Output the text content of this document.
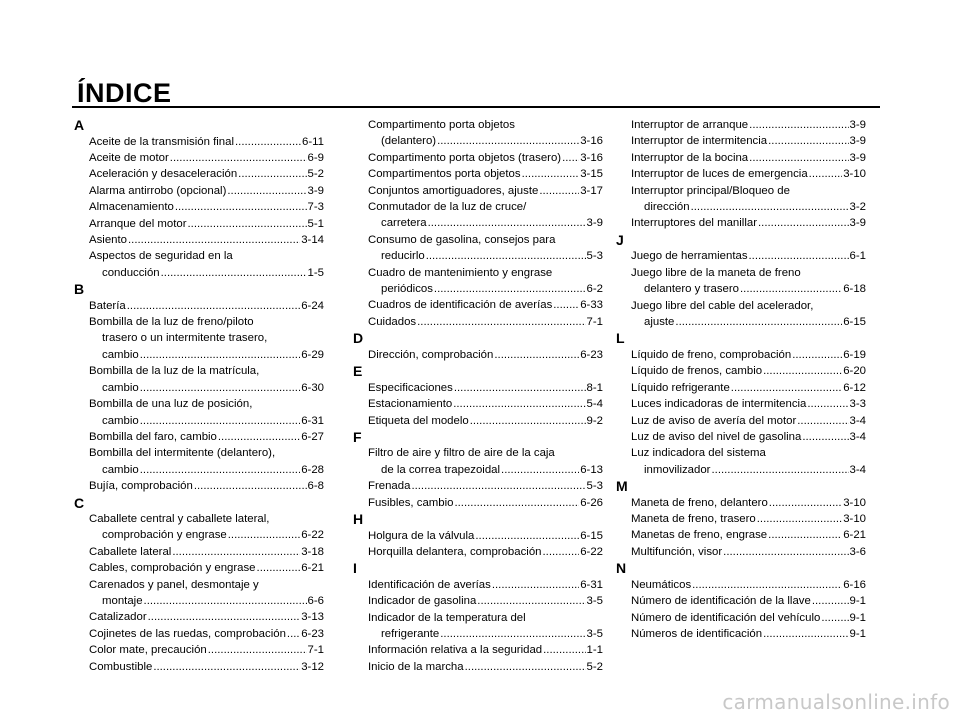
ÍNDICE
A
Aceite de la transmisión final .....	6-11
Aceite de motor .....	6-9
Aceleración y desaceleración .....	5-2
Alarma antirrobo (opcional) .....	3-9
Almacenamiento .....	7-3
Arranque del motor .....	5-1
Asiento .....	3-14
Aspectos de seguridad en la
conducción .....	1-5
B
Batería .....	6-24
Bombilla de la luz de freno/piloto
trasero o un intermitente trasero,
cambio .....	6-29
Bombilla de la luz de la matrícula,
cambio .....	6-30
Bombilla de una luz de posición,
cambio .....	6-31
Bombilla del faro, cambio .....	6-27
Bombilla del intermitente (delantero),
cambio .....	6-28
Bujía, comprobación .....	6-8
C
Caballete central y caballete lateral,
comprobación y engrase .....	6-22
Caballete lateral .....	3-18
Cables, comprobación y engrase .....	6-21
Carenados y panel, desmontaje y
montaje .....	6-6
Catalizador .....	3-13
Cojinetes de las ruedas, comprobación ..... 6-23
Color mate, precaución .....	7-1
Combustible .....	3-12
Compartimento porta objetos
(delantero) .....	3-16
Compartimento porta objetos (trasero) ..... 3-16
Compartimentos porta objetos .....	3-15
Conjuntos amortiguadores, ajuste .....	3-17
Conmutador de la luz de cruce/
carretera .....	3-9
Consumo de gasolina, consejos para
reducirlo .....	5-3
Cuadro de mantenimiento y engrase
periódicos .....	6-2
Cuadros de identificación de averías ..... 6-33
Cuidados .....	7-1
D
Dirección, comprobación .....	6-23
E
Especificaciones .....	8-1
Estacionamiento .....	5-4
Etiqueta del modelo .....	9-2
F
Filtro de aire y filtro de aire de la caja
de la correa trapezoidal .....	6-13
Frenada .....	5-3
Fusibles, cambio .....	6-26
H
Holgura de la válvula .....	6-15
Horquilla delantera, comprobación .....	6-22
I
Identificación de averías .....	6-31
Indicador de gasolina .....	3-5
Indicador de la temperatura del
refrigerante .....	3-5
Información relativa a la seguridad .....	1-1
Inicio de la marcha .....	5-2
Interruptor de arranque .....	3-9
Interruptor de intermitencia .....	3-9
Interruptor de la bocina .....	3-9
Interruptor de luces de emergencia .....	3-10
Interruptor principal/Bloqueo de
dirección .....	3-2
Interruptores del manillar .....	3-9
J
Juego de herramientas .....	6-1
Juego libre de la maneta de freno
delantero y trasero .....	6-18
Juego libre del cable del acelerador,
ajuste .....	6-15
L
Líquido de freno, comprobación .....	6-19
Líquido de frenos, cambio .....	6-20
Líquido refrigerante .....	6-12
Luces indicadoras de intermitencia .....	3-3
Luz de aviso de avería del motor .....	3-4
Luz de aviso del nivel de gasolina .....	3-4
Luz indicadora del sistema
inmovilizador .....	3-4
M
Maneta de freno, delantero .....	3-10
Maneta de freno, trasero .....	3-10
Manetas de freno, engrase .....	6-21
Multifunción, visor .....	3-6
N
Neumáticos .....	6-16
Número de identificación de la llave .....	9-1
Número de identificación del vehículo .....	9-1
Números de identificación .....	9-1
carmanualsonline.info
